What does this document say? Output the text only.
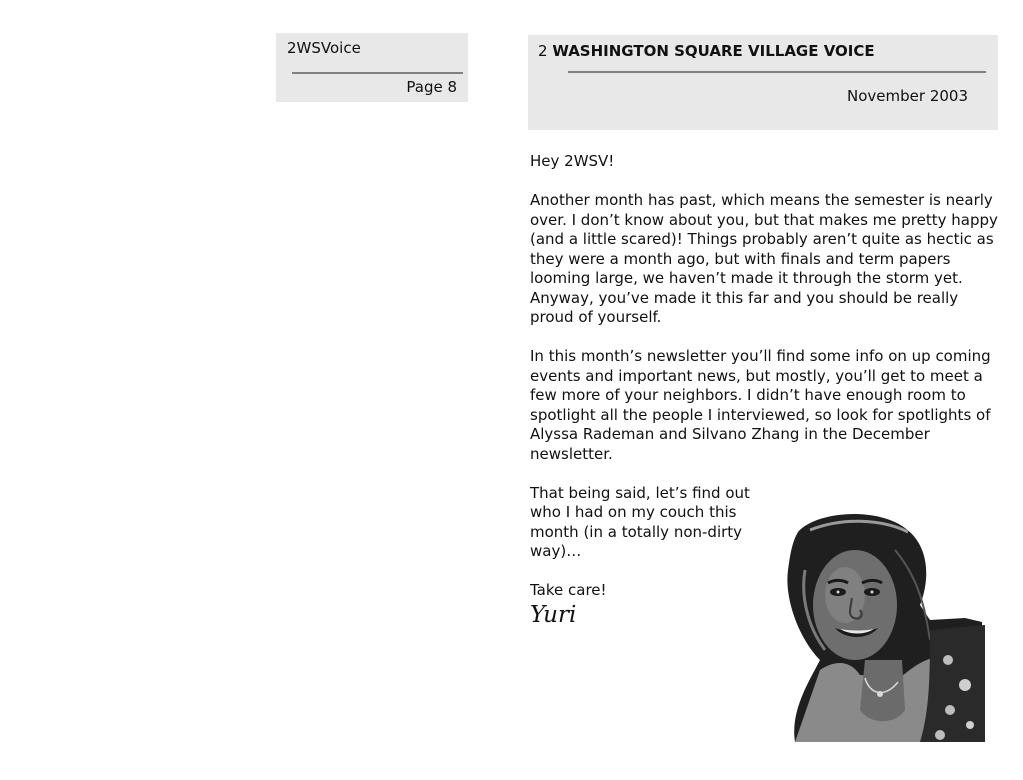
2WSVoice
Page 8
2 WASHINGTON SQUARE VILLAGE VOICE
November 2003

Hey 2WSV!

Another month has past, which means the semester is nearly over. I don’t know about you, but that makes me pretty happy (and a little scared)! Things probably aren’t quite as hectic as they were a month ago, but with finals and term papers looming large, we haven’t made it through the storm yet. Anyway, you’ve made it this far and you should be really proud of yourself.

In this month’s newsletter you’ll find some info on up coming events and important news, but mostly, you’ll get to meet a few more of your neighbors. I didn’t have enough room to spotlight all the people I interviewed, so look for spotlights of Alyssa Rademan and Silvano Zhang in the December newsletter.

That being said, let’s find out who I had on my couch this month (in a totally non-dirty way)…

Take care!

Yuri
